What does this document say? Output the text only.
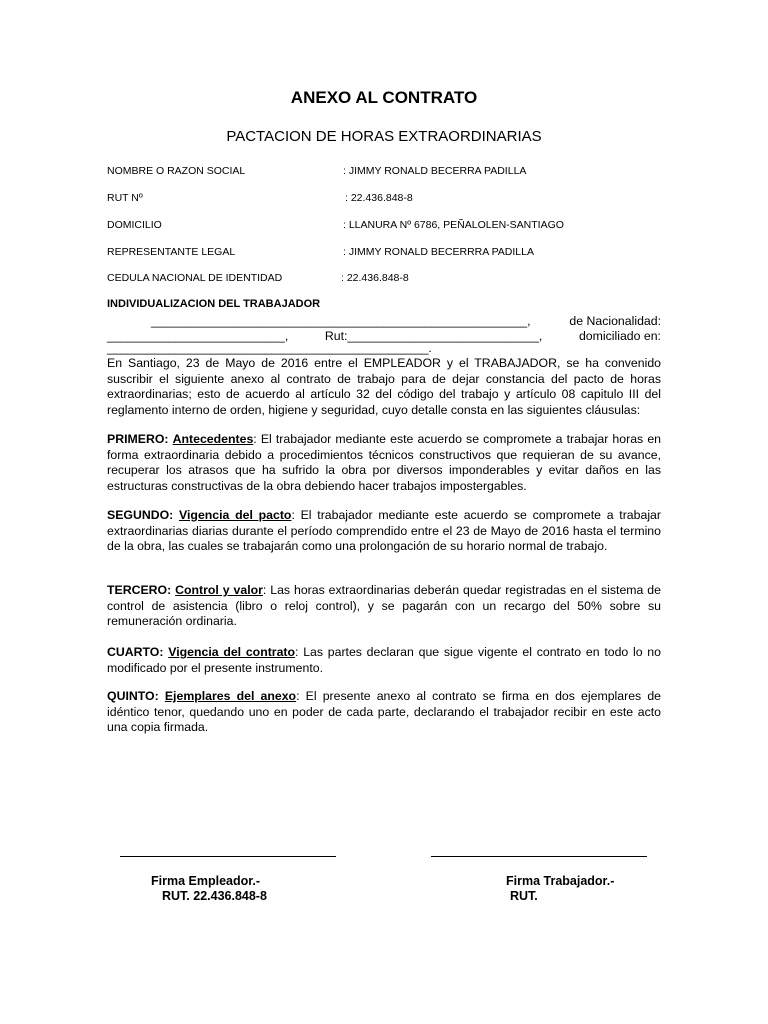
ANEXO AL CONTRATO
PACTACION DE HORAS EXTRAORDINARIAS
NOMBRE O RAZON SOCIAL	: JIMMY RONALD BECERRA PADILLA
RUT Nº	: 22.436.848-8
DOMICILIO	: LLANURA Nº 6786, PEÑALOLEN-SANTIAGO
REPRESENTANTE LEGAL	: JIMMY RONALD BECERRRA PADILLA
CEDULA NACIONAL DE IDENTIDAD	: 22.436.848-8
INDIVIDUALIZACION DEL TRABAJADOR
_______________________________________________________,	de Nacionalidad:
__________________________,	Rut:____________________________,	domiciliado en:
_______________________________________________.
En Santiago, 23 de Mayo de 2016 entre el EMPLEADOR y el TRABAJADOR, se ha convenido suscribir el siguiente anexo al contrato de trabajo para de dejar constancia del pacto de horas extraordinarias; esto de acuerdo al artículo 32 del código del trabajo y artículo 08 capitulo III del reglamento interno de orden, higiene y seguridad, cuyo detalle consta en las siguientes cláusulas:
PRIMERO: Antecedentes: El trabajador mediante este acuerdo se compromete a trabajar horas en forma extraordinaria debido a procedimientos técnicos constructivos que requieran de su avance, recuperar los atrasos que ha sufrido la obra por diversos imponderables y evitar daños en las estructuras constructivas de la obra debiendo hacer trabajos impostergables.
SEGUNDO: Vigencia del pacto: El trabajador mediante este acuerdo se compromete a trabajar extraordinarias diarias durante el período comprendido entre el 23 de Mayo de 2016 hasta el termino de la obra, las cuales se trabajarán como una prolongación de su horario normal de trabajo.
TERCERO: Control y valor: Las horas extraordinarias deberán quedar registradas en el sistema de control de asistencia (libro o reloj control), y se pagarán con un recargo del 50% sobre su remuneración ordinaria.
CUARTO: Vigencia del contrato: Las partes declaran que sigue vigente el contrato en todo lo no modificado por el presente instrumento.
QUINTO: Ejemplares del anexo: El presente anexo al contrato se firma en dos ejemplares de idéntico tenor, quedando uno en poder de cada parte, declarando el trabajador recibir en este acto una copia firmada.
Firma Empleador.-
RUT. 22.436.848-8
Firma Trabajador.-
RUT.
